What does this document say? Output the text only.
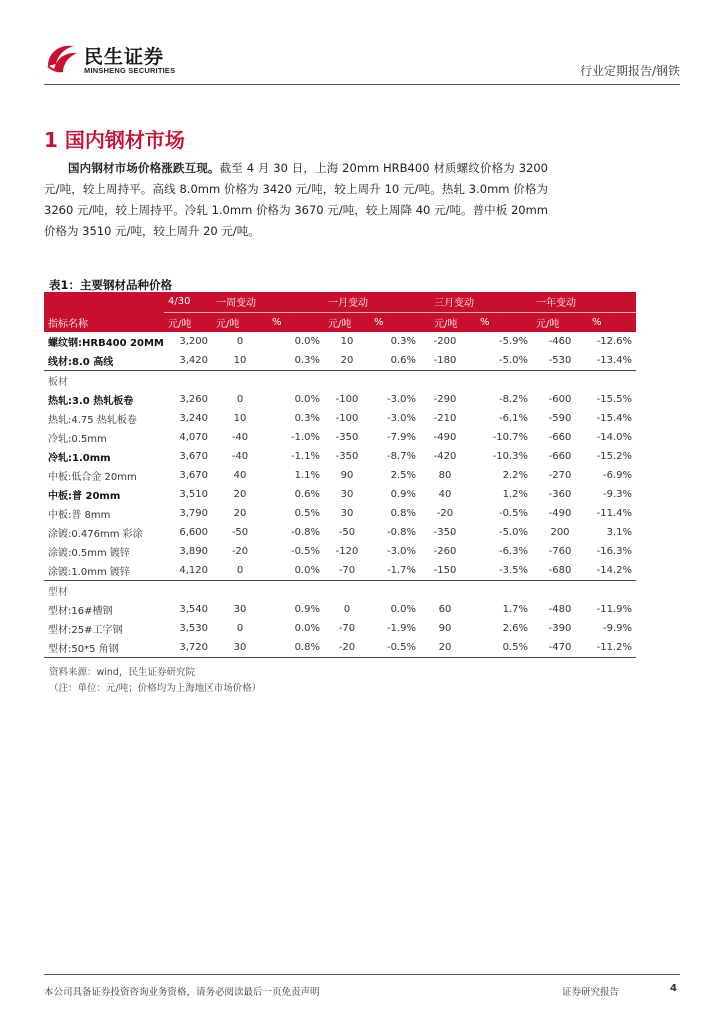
民生证券
MINSHENG SECURITIES	行业定期报告/钢铁
1 国内钢材市场
国内钢材市场价格涨跌互现。截至 4 月 30 日，上海 20mm HRB400 材质螺纹价格为 3200 元/吨，较上周持平。高线 8.0mm 价格为 3420 元/吨，较上周升 10 元/吨。热轧 3.0mm 价格为 3260 元/吨，较上周持平。冷轧 1.0mm 价格为 3670 元/吨，较上周降 40 元/吨。普中板 20mm 价格为 3510 元/吨，较上周升 20 元/吨。
表1：主要钢材品种价格
	4/30	一周变动		一月变动		三月变动		一年变动	
指标名称	元/吨	元/吨	%	元/吨	%	元/吨	%	元/吨	%
螺纹钢:HRB400 20MM	3,200	0	0.0%	10	0.3%	-200	-5.9%	-460	-12.6%
线材:8.0 高线	3,420	10	0.3%	20	0.6%	-180	-5.0%	-530	-13.4%
板材									
热轧:3.0 热轧板卷	3,260	0	0.0%	-100	-3.0%	-290	-8.2%	-600	-15.5%
热轧:4.75 热轧板卷	3,240	10	0.3%	-100	-3.0%	-210	-6.1%	-590	-15.4%
冷轧:0.5mm	4,070	-40	-1.0%	-350	-7.9%	-490	-10.7%	-660	-14.0%
冷轧:1.0mm	3,670	-40	-1.1%	-350	-8.7%	-420	-10.3%	-660	-15.2%
中板:低合金 20mm	3,670	40	1.1%	90	2.5%	80	2.2%	-270	-6.9%
中板:普 20mm	3,510	20	0.6%	30	0.9%	40	1.2%	-360	-9.3%
中板:普 8mm	3,790	20	0.5%	30	0.8%	-20	-0.5%	-490	-11.4%
涂镀:0.476mm 彩涂	6,600	-50	-0.8%	-50	-0.8%	-350	-5.0%	200	3.1%
涂镀:0.5mm 镀锌	3,890	-20	-0.5%	-120	-3.0%	-260	-6.3%	-760	-16.3%
涂镀:1.0mm 镀锌	4,120	0	0.0%	-70	-1.7%	-150	-3.5%	-680	-14.2%
型材									
型材:16#槽钢	3,540	30	0.9%	0	0.0%	60	1.7%	-480	-11.9%
型材:25#工字钢	3,530	0	0.0%	-70	-1.9%	90	2.6%	-390	-9.9%
型材:50*5 角钢	3,720	30	0.8%	-20	-0.5%	20	0.5%	-470	-11.2%
资料来源：wind，民生证券研究院
（注：单位：元/吨；价格均为上海地区市场价格）
本公司具备证券投资咨询业务资格，请务必阅读最后一页免责声明	证券研究报告	4
